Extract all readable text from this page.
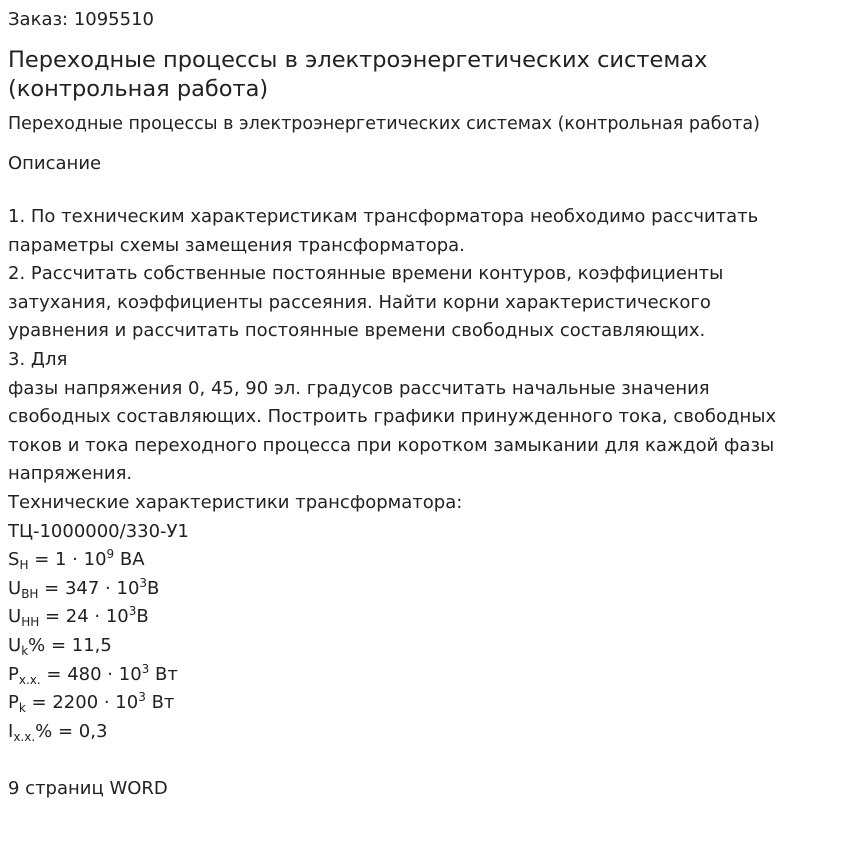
Заказ: 1095510
Переходные процессы в электроэнергетических системах (контрольная работа)
Переходные процессы в электроэнергетических системах (контрольная работа)
Описание
1. По техническим характеристикам трансформатора необходимо рассчитать
параметры схемы замещения трансформатора.
2. Рассчитать собственные постоянные времени контуров, коэффициенты
затухания, коэффициенты рассеяния. Найти корни характеристического
уравнения и рассчитать постоянные времени свободных составляющих.
3. Для
фазы напряжения 0, 45, 90 эл. градусов рассчитать начальные значения
свободных составляющих. Построить графики принужденного тока, свободных
токов и тока переходного процесса при коротком замыкании для каждой фазы
напряжения.
Технические характеристики трансформатора:
ТЦ-1000000/330-У1
$S_Н = 1 \cdot 10^9$ ВА
$U_{ВН} = 347 \cdot 10^3В$
$U_{НН} = 24 \cdot 10^3В$
$U_k\% = 11,5$
$P_{x.x.} = 480 \cdot 10^3$ Вт
$P_k = 2200 \cdot 10^3$ Вт
$I_{x.x.}\% = 0,3$
9 страниц WORD
